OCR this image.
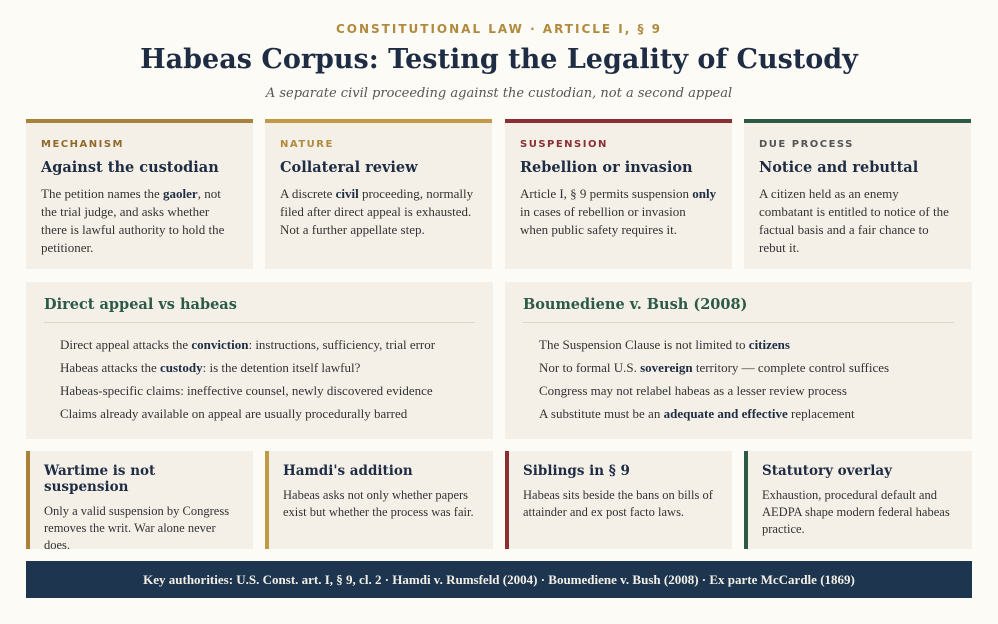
CONSTITUTIONAL LAW · ARTICLE I, § 9
Habeas Corpus: Testing the Legality of Custody
A separate civil proceeding against the custodian, not a second appeal
MECHANISM
Against the custodian
The petition names the gaoler, not the trial judge, and asks whether there is lawful authority to hold the petitioner.
NATURE
Collateral review
A discrete civil proceeding, normally filed after direct appeal is exhausted. Not a further appellate step.
SUSPENSION
Rebellion or invasion
Article I, § 9 permits suspension only in cases of rebellion or invasion when public safety requires it.
DUE PROCESS
Notice and rebuttal
A citizen held as an enemy combatant is entitled to notice of the factual basis and a fair chance to rebut it.
Direct appeal vs habeas
Direct appeal attacks the conviction: instructions, sufficiency, trial error
Habeas attacks the custody: is the detention itself lawful?
Habeas-specific claims: ineffective counsel, newly discovered evidence
Claims already available on appeal are usually procedurally barred
Boumediene v. Bush (2008)
The Suspension Clause is not limited to citizens
Nor to formal U.S. sovereign territory — complete control suffices
Congress may not relabel habeas as a lesser review process
A substitute must be an adequate and effective replacement
Wartime is not suspension
Only a valid suspension by Congress removes the writ. War alone never does.
Hamdi's addition
Habeas asks not only whether papers exist but whether the process was fair.
Siblings in § 9
Habeas sits beside the bans on bills of attainder and ex post facto laws.
Statutory overlay
Exhaustion, procedural default and AEDPA shape modern federal habeas practice.
Key authorities: U.S. Const. art. I, § 9, cl. 2 · Hamdi v. Rumsfeld (2004) · Boumediene v. Bush (2008) · Ex parte McCardle (1869)
